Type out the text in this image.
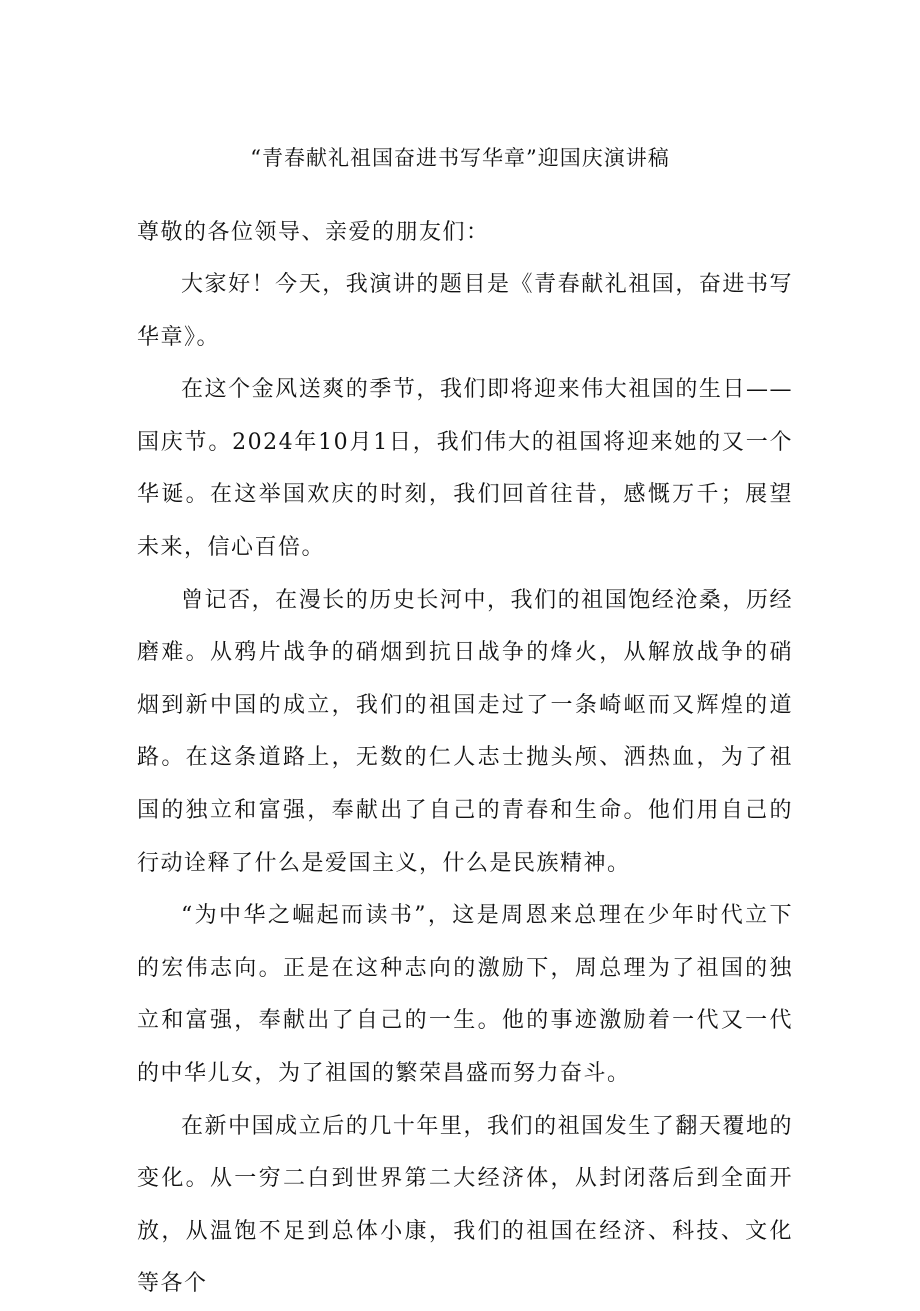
“青春献礼祖国奋进书写华章”迎国庆演讲稿

尊敬的各位领导、亲爱的朋友们：

大家好！今天，我演讲的题目是《青春献礼祖国，奋进书写华章》。

在这个金风送爽的季节，我们即将迎来伟大祖国的生日——国庆节。2024年10月1日，我们伟大的祖国将迎来她的又一个华诞。在这举国欢庆的时刻，我们回首往昔，感慨万千；展望未来，信心百倍。

曾记否，在漫长的历史长河中，我们的祖国饱经沧桑，历经磨难。从鸦片战争的硝烟到抗日战争的烽火，从解放战争的硝烟到新中国的成立，我们的祖国走过了一条崎岖而又辉煌的道路。在这条道路上，无数的仁人志士抛头颅、洒热血，为了祖国的独立和富强，奉献出了自己的青春和生命。他们用自己的行动诠释了什么是爱国主义，什么是民族精神。

“为中华之崛起而读书”，这是周恩来总理在少年时代立下的宏伟志向。正是在这种志向的激励下，周总理为了祖国的独立和富强，奉献出了自己的一生。他的事迹激励着一代又一代的中华儿女，为了祖国的繁荣昌盛而努力奋斗。

在新中国成立后的几十年里，我们的祖国发生了翻天覆地的变化。从一穷二白到世界第二大经济体，从封闭落后到全面开放，从温饱不足到总体小康，我们的祖国在经济、科技、文化等各个
